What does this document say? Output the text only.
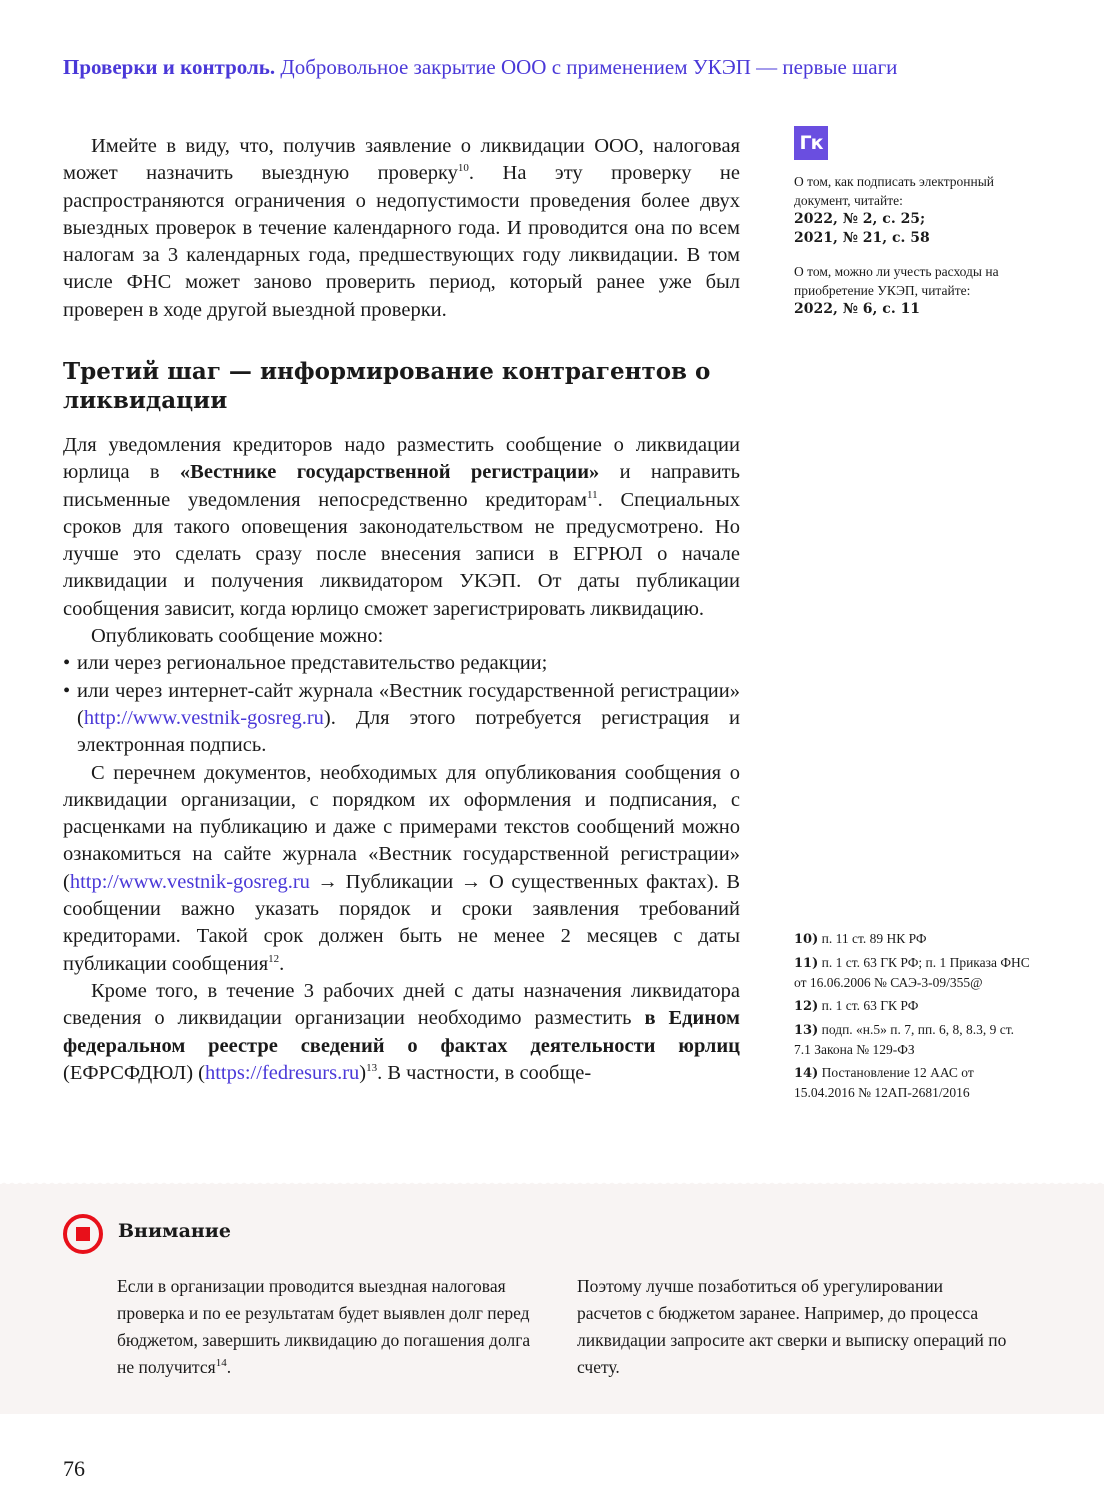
Проверки и контроль. Добровольное закрытие ООО с применением УКЭП — первые шаги

Имейте в виду, что, получив заявление о ликвидации ООО, налоговая может назначить выездную проверку$^{10}$. На эту проверку не распространяются ограничения о недопустимости проведения более двух выездных проверок в течение календарного года. И проводится она по всем налогам за 3 календарных года, предшествующих году ликвидации. В том числе ФНС может заново проверить период, который ранее уже был проверен в ходе другой выездной проверки.

Третий шаг — информирование контрагентов о ликвидации

Для уведомления кредиторов надо разместить сообщение о ликвидации юрлица в «Вестнике государственной регистрации» и направить письменные уведомления непосредственно кредиторам$^{11}$. Специальных сроков для такого оповещения законодательством не предусмотрено. Но лучше это сделать сразу после внесения записи в ЕГРЮЛ о начале ликвидации и получения ликвидатором УКЭП. От даты публикации сообщения зависит, когда юрлицо сможет зарегистрировать ликвидацию.

Опубликовать сообщение можно:

• или через региональное представительство редакции;
• или через интернет-сайт журнала «Вестник государственной регистрации» (http://www.vestnik-gosreg.ru). Для этого потребуется регистрация и электронная подпись.

С перечнем документов, необходимых для опубликования сообщения о ликвидации организации, с порядком их оформления и подписания, с расценками на публикацию и даже с примерами текстов сообщений можно ознакомиться на сайте журнала «Вестник государственной регистрации» (http://www.vestnik-gosreg.ru → Публикации → О существенных фактах). В сообщении важно указать порядок и сроки заявления требований кредиторами. Такой срок должен быть не менее 2 месяцев с даты публикации сообщения$^{12}$.

Кроме того, в течение 3 рабочих дней с даты назначения ликвидатора сведения о ликвидации организации необходимо разместить в Едином федеральном реестре сведений о фактах деятельности юрлиц (ЕФРСФДЮЛ) (https://fedresurs.ru)$^{13}$. В частности, в сообще-

Гк
О том, как подписать электронный документ, читайте:
2022, № 2, с. 25;
2021, № 21, с. 58
О том, можно ли учесть расходы на приобретение УКЭП, читайте:
2022, № 6, с. 11
10) п. 11 ст. 89 НК РФ
11) п. 1 ст. 63 ГК РФ; п. 1 Приказа ФНС от 16.06.2006 № САЭ-3-09/355@
12) п. 1 ст. 63 ГК РФ
13) подп. «н.5» п. 7, пп. 6, 8, 8.3, 9 ст. 7.1 Закона № 129-ФЗ
14) Постановление 12 ААС от 15.04.2016 № 12АП-2681/2016
Внимание
Если в организации проводится выездная налоговая проверка и по ее результатам будет выявлен долг перед бюджетом, завершить ликвидацию до погашения долга не получится$^{14}$.
Поэтому лучше позаботиться об урегулировании расчетов с бюджетом заранее. Например, до процесса ликвидации запросите акт сверки и выписку операций по счету.
76
